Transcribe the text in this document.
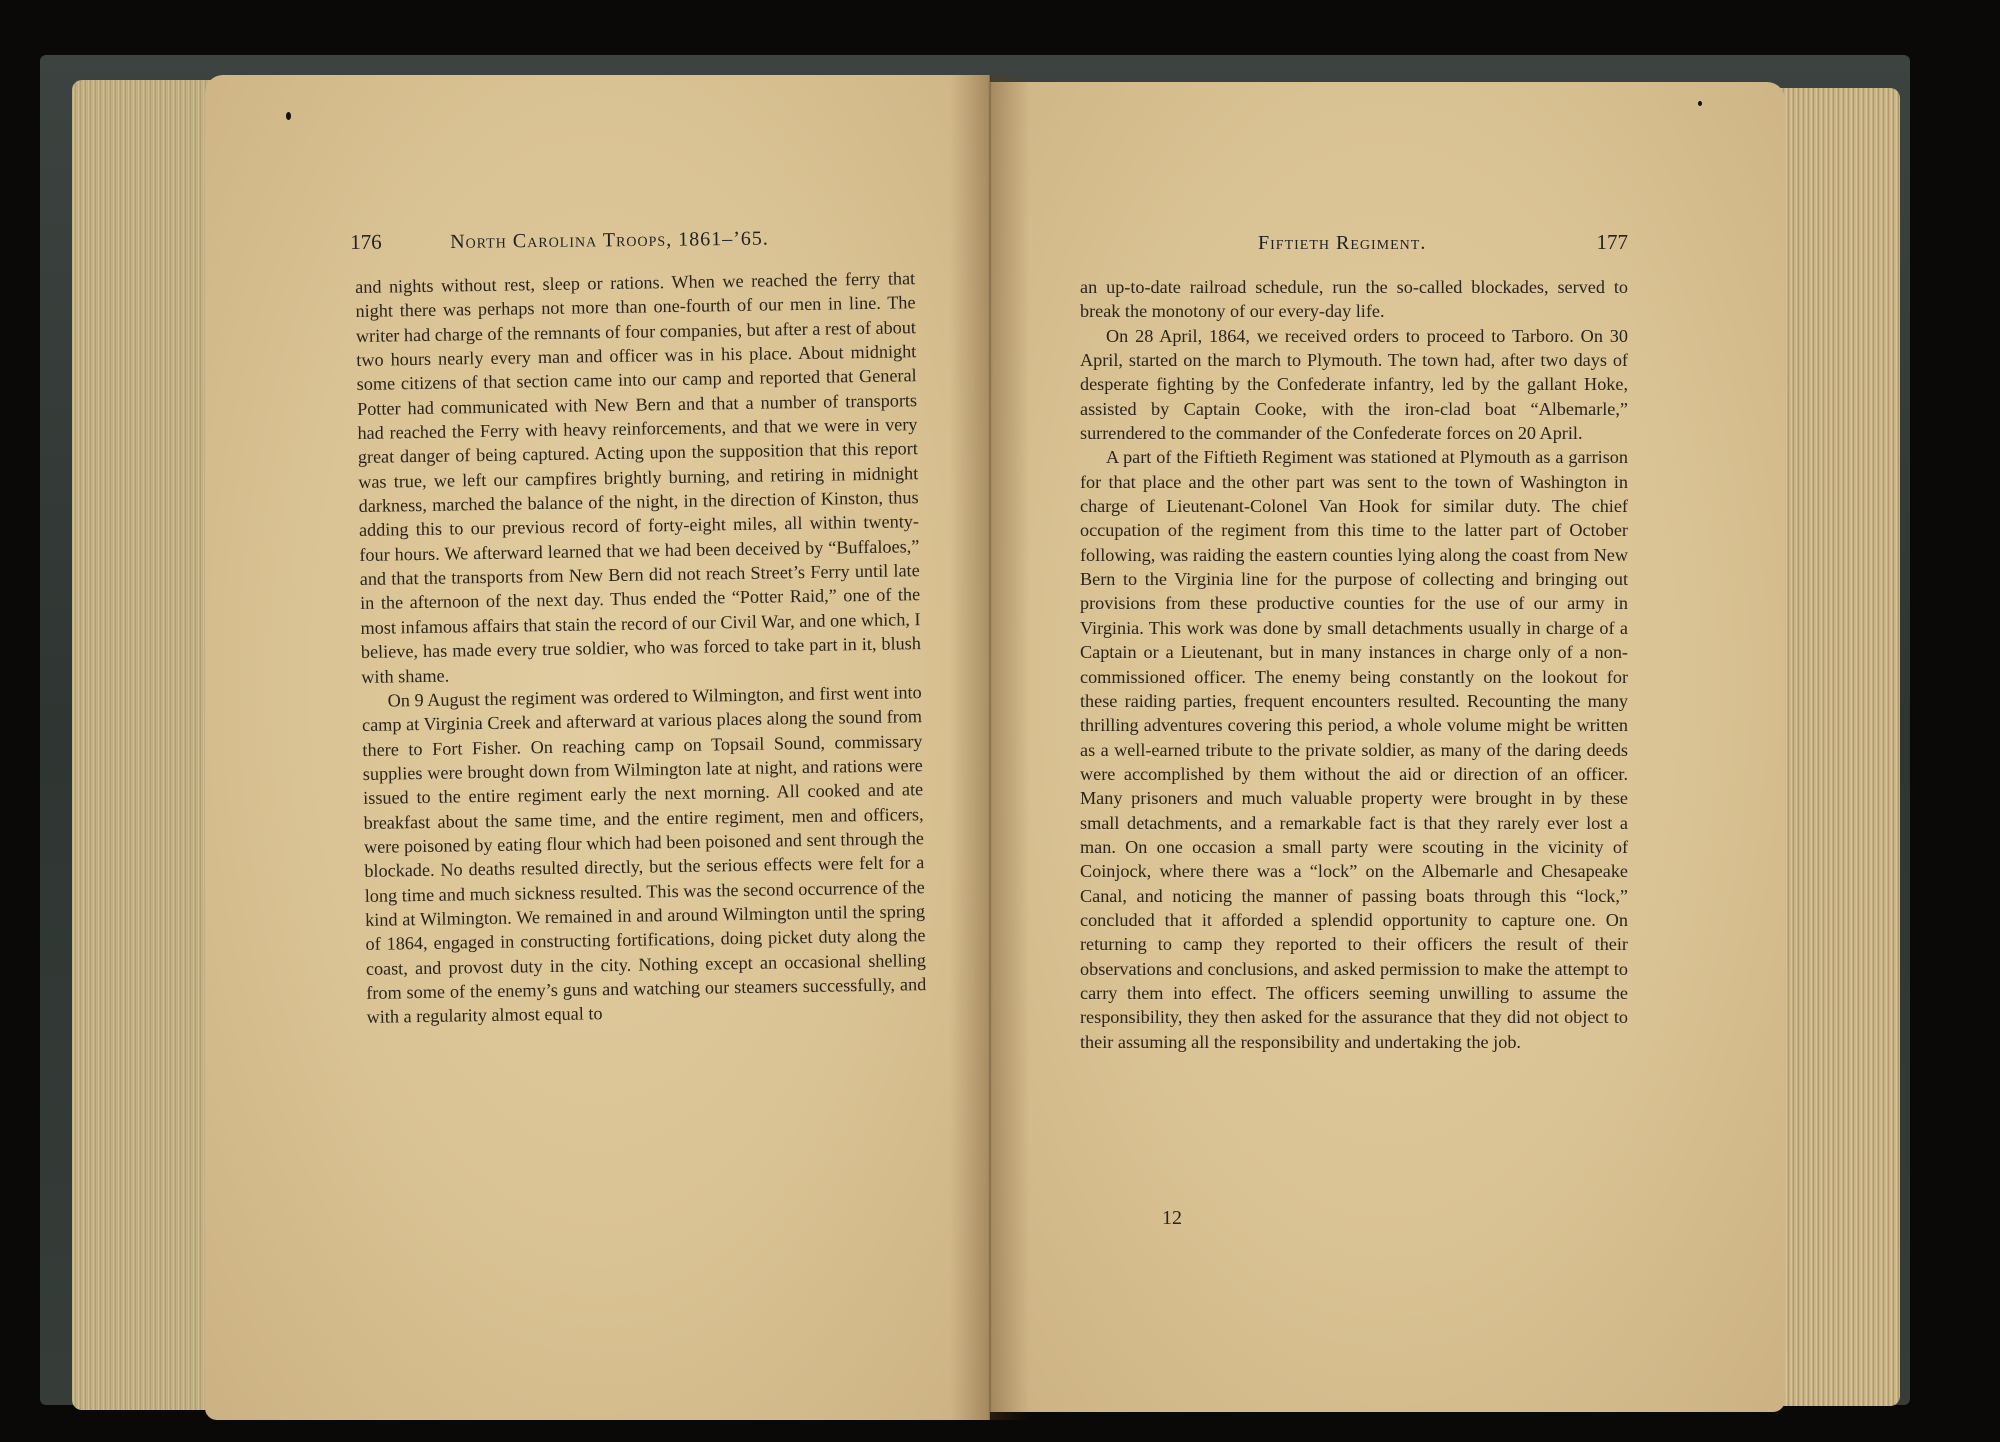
176	North Carolina Troops, 1861–’65.

and nights without rest, sleep or rations. When we reached the ferry that night there was perhaps not more than one-fourth of our men in line. The writer had charge of the remnants of four companies, but after a rest of about two hours nearly every man and officer was in his place. About midnight some citizens of that section came into our camp and reported that General Potter had communicated with New Bern and that a number of transports had reached the Ferry with heavy reinforcements, and that we were in very great danger of being captured. Acting upon the supposition that this report was true, we left our campfires brightly burning, and retiring in midnight darkness, marched the balance of the night, in the direction of Kinston, thus adding this to our previous record of forty-eight miles, all within twenty-four hours. We afterward learned that we had been deceived by “Buffaloes,” and that the transports from New Bern did not reach Street’s Ferry until late in the afternoon of the next day. Thus ended the “Potter Raid,” one of the most infamous affairs that stain the record of our Civil War, and one which, I believe, has made every true soldier, who was forced to take part in it, blush with shame.

On 9 August the regiment was ordered to Wilmington, and first went into camp at Virginia Creek and afterward at various places along the sound from there to Fort Fisher. On reaching camp on Topsail Sound, commissary supplies were brought down from Wilmington late at night, and rations were issued to the entire regiment early the next morning. All cooked and ate breakfast about the same time, and the entire regiment, men and officers, were poisoned by eating flour which had been poisoned and sent through the blockade. No deaths resulted directly, but the serious effects were felt for a long time and much sickness resulted. This was the second occurrence of the kind at Wilmington. We remained in and around Wilmington until the spring of 1864, engaged in constructing fortifications, doing picket duty along the coast, and provost duty in the city. Nothing except an occasional shelling from some of the enemy’s guns and watching our steamers successfully, and with a regularity almost equal to

Fiftieth Regiment.	177

an up-to-date railroad schedule, run the so-called blockades, served to break the monotony of our every-day life.

On 28 April, 1864, we received orders to proceed to Tarboro. On 30 April, started on the march to Plymouth. The town had, after two days of desperate fighting by the Confederate infantry, led by the gallant Hoke, assisted by Captain Cooke, with the iron-clad boat “Albemarle,” surrendered to the commander of the Confederate forces on 20 April.

A part of the Fiftieth Regiment was stationed at Plymouth as a garrison for that place and the other part was sent to the town of Washington in charge of Lieutenant-Colonel Van Hook for similar duty. The chief occupation of the regiment from this time to the latter part of October following, was raiding the eastern counties lying along the coast from New Bern to the Virginia line for the purpose of collecting and bringing out provisions from these productive counties for the use of our army in Virginia. This work was done by small detachments usually in charge of a Captain or a Lieutenant, but in many instances in charge only of a non-commissioned officer. The enemy being constantly on the lookout for these raiding parties, frequent encounters resulted. Recounting the many thrilling adventures covering this period, a whole volume might be written as a well-earned tribute to the private soldier, as many of the daring deeds were accomplished by them without the aid or direction of an officer. Many prisoners and much valuable property were brought in by these small detachments, and a remarkable fact is that they rarely ever lost a man. On one occasion a small party were scouting in the vicinity of Coinjock, where there was a “lock” on the Albemarle and Chesapeake Canal, and noticing the manner of passing boats through this “lock,” concluded that it afforded a splendid opportunity to capture one. On returning to camp they reported to their officers the result of their observations and conclusions, and asked permission to make the attempt to carry them into effect. The officers seeming unwilling to assume the responsibility, they then asked for the assurance that they did not object to their assuming all the responsibility and undertaking the job.

12
